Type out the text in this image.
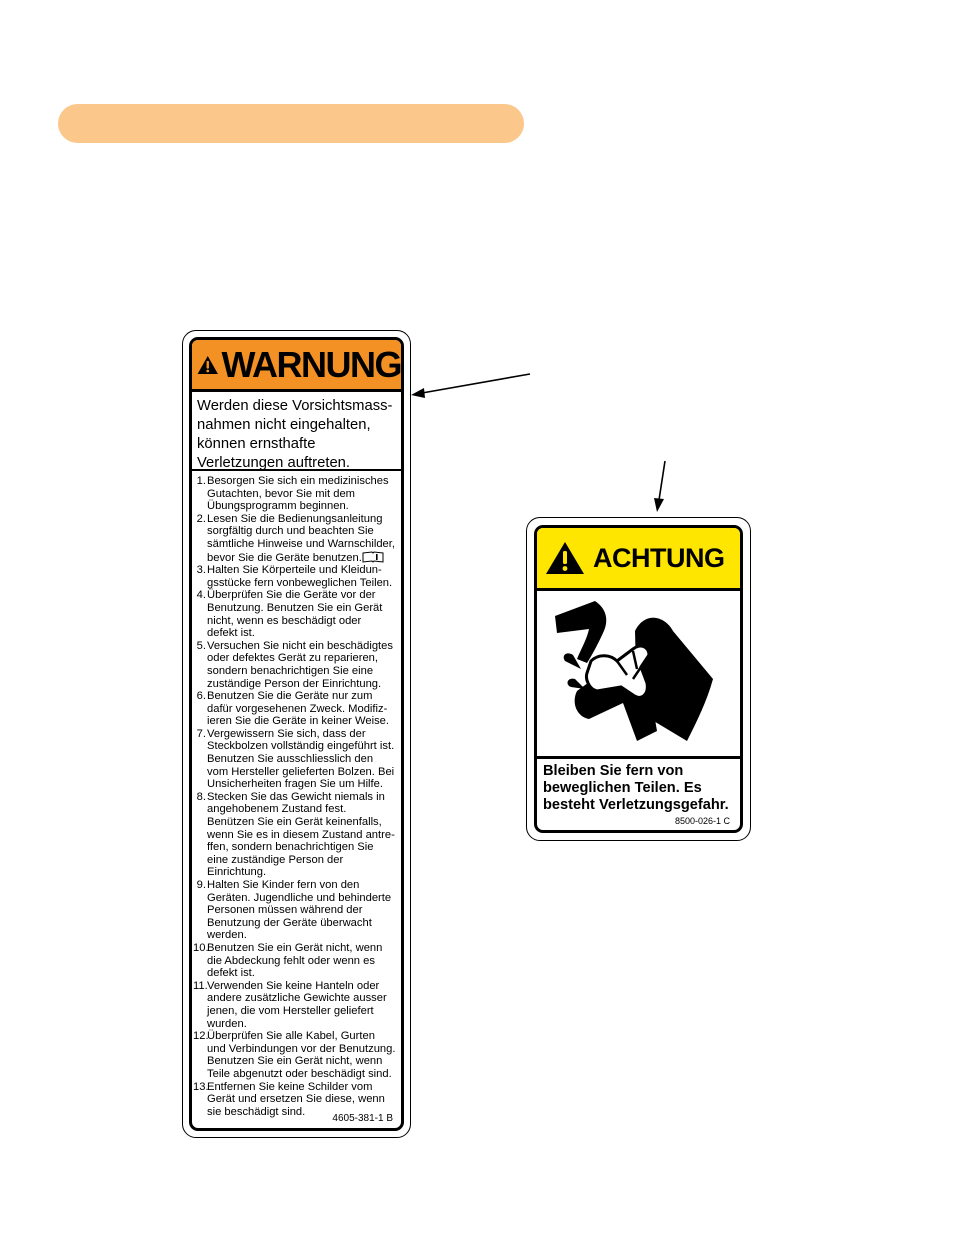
WARNUNG
Werden diese Vorsichtsmass-
nahmen nicht eingehalten,
können ernsthafte
Verletzungen auftreten.
1. Besorgen Sie sich ein medizinisches
Gutachten, bevor Sie mit dem
Übungsprogramm beginnen.
2. Lesen Sie die Bedienungsanleitung
sorgfältig durch und beachten Sie
sämtliche Hinweise und Warnschilder,
bevor Sie die Geräte benutzen.
3. Halten Sie Körperteile und Kleidun-
gsstücke fern vonbeweglichen Teilen.
4. Überprüfen Sie die Geräte vor der
Benutzung. Benutzen Sie ein Gerät
nicht, wenn es beschädigt oder
defekt ist.
5. Versuchen Sie nicht ein beschädigtes
oder defektes Gerät zu reparieren,
sondern benachrichtigen Sie eine
zuständige Person der Einrichtung.
6. Benutzen Sie die Geräte nur zum
dafür vorgesehenen Zweck. Modifiz-
ieren Sie die Geräte in keiner Weise.
7. Vergewissern Sie sich, dass der
Steckbolzen vollständig eingeführt ist.
Benutzen Sie ausschliesslich den
vom Hersteller gelieferten Bolzen. Bei
Unsicherheiten fragen Sie um Hilfe.
8. Stecken Sie das Gewicht niemals in
angehobenem Zustand fest.
Benützen Sie ein Gerät keinenfalls,
wenn Sie es in diesem Zustand antre-
ffen, sondern benachrichtigen Sie
eine zuständige Person der
Einrichtung.
9. Halten Sie Kinder fern von den
Geräten. Jugendliche und behinderte
Personen müssen während der
Benutzung der Geräte überwacht
werden.
10.
Benutzen Sie ein Gerät nicht, wenn
die Abdeckung fehlt oder wenn es
defekt ist.
11. Verwenden Sie keine Hanteln oder
andere zusätzliche Gewichte ausser
jenen, die vom Hersteller geliefert
wurden.
12.
Überprüfen Sie alle Kabel, Gurten
und Verbindungen vor der Benutzung.
Benutzen Sie ein Gerät nicht, wenn
Teile abgenutzt oder beschädigt sind.
13.
Entfernen Sie keine Schilder vom
Gerät und ersetzen Sie diese, wenn
sie beschädigt sind.
4605-381-1 B
ACHTUNG
Bleiben Sie fern von
beweglichen Teilen. Es
besteht Verletzungsgefahr.
8500-026-1 C
